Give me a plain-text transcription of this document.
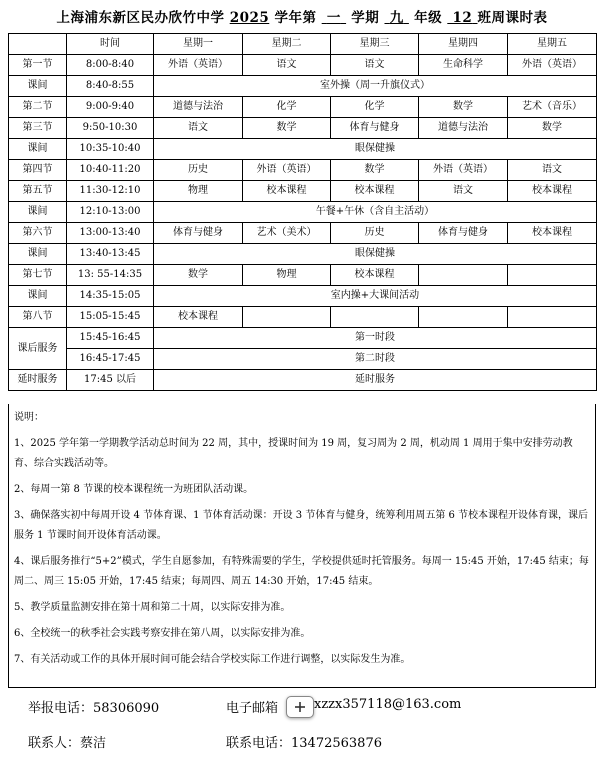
上海浦东新区民办欣竹中学 2025 学年第 一 学期 九 年级 12 班周课时表
	时间	星期一	星期二	星期三	星期四	星期五
第一节	8:00-8:40	外语（英语）	语文	语文	生命科学	外语（英语）
课间	8:40-8:55	室外操（周一升旗仪式）				
第二节	9:00-9:40	道德与法治	化学	化学	数学	艺术（音乐）
第三节	9:50-10:30	语文	数学	体育与健身	道德与法治	数学
课间	10:35-10:40	眼保健操				
第四节	10:40-11:20	历史	外语（英语）	数学	外语（英语）	语文
第五节	11:30-12:10	物理	校本课程	校本课程	语文	校本课程
课间	12:10-13:00	午餐+午休（含自主活动）				
第六节	13:00-13:40	体育与健身	艺术（美术）	历史	体育与健身	校本课程
课间	13:40-13:45	眼保健操				
第七节	13: 55-14:35	数学	物理	校本课程		
课间	14:35-15:05	室内操+大课间活动				
第八节	15:05-15:45	校本课程				
课后服务	15:45-16:45	第一时段				
	16:45-17:45	第二时段				
延时服务	17:45 以后	延时服务				

说明：

1、2025 学年第一学期教学活动总时间为 22 周，其中，授课时间为 19 周，复习周为 2 周，机动周 1 周用于集中安排劳动教育、综合实践活动等。

2、每周一第 8 节课的校本课程统一为班团队活动课。

3、确保落实初中每周开设 4 节体育课、1 节体育活动课：开设 3 节体育与健身，统筹利用周五第 6 节校本课程开设体育课，课后服务 1 节课时间开设体育活动课。

4、课后服务推行“5+2”模式，学生自愿参加，有特殊需要的学生，学校提供延时托管服务。每周一 15:45 开始，17:45 结束；每周二、周三 15:05 开始，17:45 结束；每周四、周五 14:30 开始，17:45 结束。

5、教学质量监测安排在第十周和第二十周，以实际安排为准。

6、全校统一的秋季社会实践考察安排在第八周，以实际安排为准。

7、有关活动或工作的具体开展时间可能会结合学校实际工作进行调整，以实际发生为准。

举报电话：58306090	电子邮箱	xzzx357118@163.com
联系人：蔡洁	联系电话：13472563876
